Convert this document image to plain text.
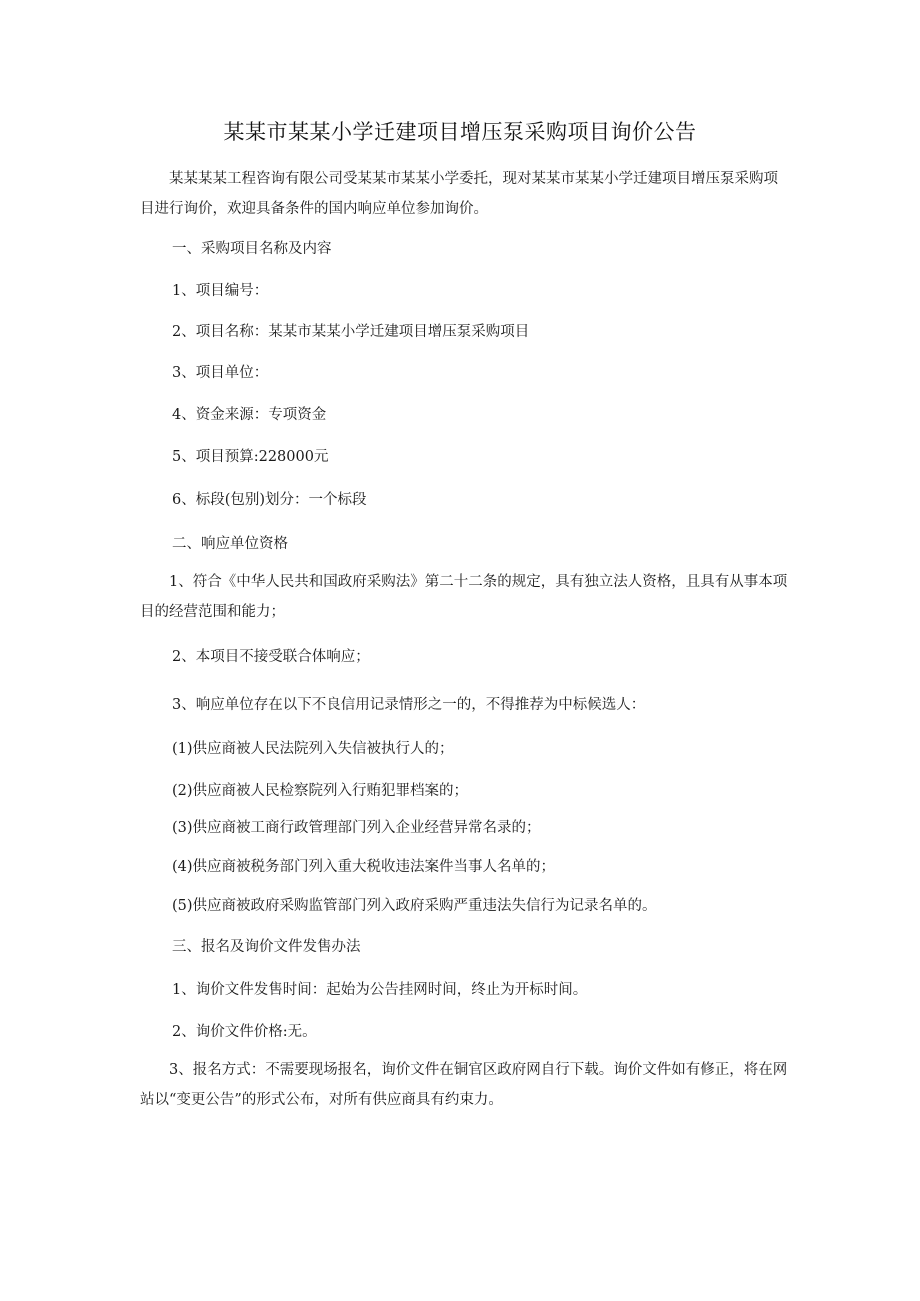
某某市某某小学迁建项目增压泵采购项目询价公告
某某某某工程咨询有限公司受某某市某某小学委托，现对某某市某某小学迁建项目增压泵采购项目进行询价，欢迎具备条件的国内响应单位参加询价。
一、采购项目名称及内容
1、项目编号：
2、项目名称：某某市某某小学迁建项目增压泵采购项目
3、项目单位：
4、资金来源：专项资金
5、项目预算:228000元
6、标段(包别)划分：一个标段
二、响应单位资格
1、符合《中华人民共和国政府采购法》第二十二条的规定，具有独立法人资格，且具有从事本项目的经营范围和能力；
2、本项目不接受联合体响应；
3、响应单位存在以下不良信用记录情形之一的，不得推荐为中标候选人：
(1)供应商被人民法院列入失信被执行人的；
(2)供应商被人民检察院列入行贿犯罪档案的；
(3)供应商被工商行政管理部门列入企业经营异常名录的；
(4)供应商被税务部门列入重大税收违法案件当事人名单的；
(5)供应商被政府采购监管部门列入政府采购严重违法失信行为记录名单的。
三、报名及询价文件发售办法
1、询价文件发售时间：起始为公告挂网时间，终止为开标时间。
2、询价文件价格:无。
3、报名方式：不需要现场报名，询价文件在铜官区政府网自行下载。询价文件如有修正，将在网站以“变更公告”的形式公布，对所有供应商具有约束力。
